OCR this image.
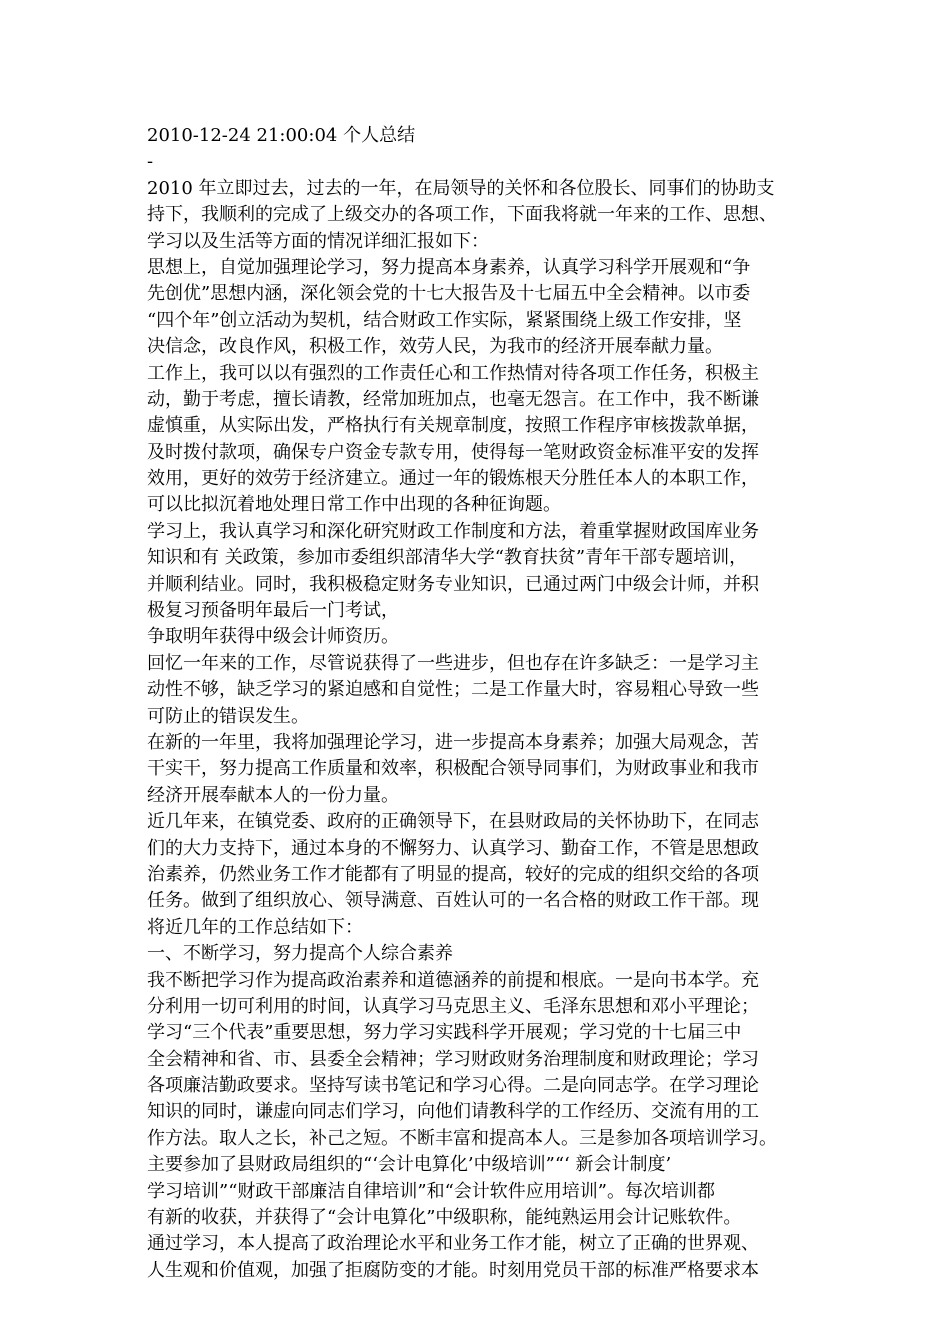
2010-12-24 21:00:04 个人总结
-
2010 年立即过去，过去的一年，在局领导的关怀和各位股长、同事们的协助支
持下，我顺利的完成了上级交办的各项工作，下面我将就一年来的工作、思想、
学习以及生活等方面的情况详细汇报如下：
思想上，自觉加强理论学习，努力提高本身素养，认真学习科学开展观和“争
先创优”思想内涵，深化领会党的十七大报告及十七届五中全会精神。以市委
“四个年”创立活动为契机，结合财政工作实际，紧紧围绕上级工作安排，坚
决信念，改良作风，积极工作，效劳人民，为我市的经济开展奉献力量。
工作上，我可以以有强烈的工作责任心和工作热情对待各项工作任务，积极主
动，勤于考虑，擅长请教，经常加班加点，也毫无怨言。在工作中，我不断谦
虚慎重，从实际出发，严格执行有关规章制度，按照工作程序审核拨款单据，
及时拨付款项，确保专户资金专款专用，使得每一笔财政资金标准平安的发挥
效用，更好的效劳于经济建立。通过一年的锻炼根天分胜任本人的本职工作，
可以比拟沉着地处理日常工作中出现的各种征询题。
学习上，我认真学习和深化研究财政工作制度和方法，着重掌握财政国库业务
知识和有 关政策，参加市委组织部清华大学“教育扶贫”青年干部专题培训，
并顺利结业。同时，我积极稳定财务专业知识，已通过两门中级会计师，并积
极复习预备明年最后一门考试，
争取明年获得中级会计师资历。
回忆一年来的工作，尽管说获得了一些进步，但也存在许多缺乏：一是学习主
动性不够，缺乏学习的紧迫感和自觉性；二是工作量大时，容易粗心导致一些
可防止的错误发生。
在新的一年里，我将加强理论学习，进一步提高本身素养；加强大局观念，苦
干实干，努力提高工作质量和效率，积极配合领导同事们，为财政事业和我市
经济开展奉献本人的一份力量。
近几年来，在镇党委、政府的正确领导下，在县财政局的关怀协助下，在同志
们的大力支持下，通过本身的不懈努力、认真学习、勤奋工作，不管是思想政
治素养，仍然业务工作才能都有了明显的提高，较好的完成的组织交给的各项
任务。做到了组织放心、领导满意、百姓认可的一名合格的财政工作干部。现
将近几年的工作总结如下：
一、不断学习，努力提高个人综合素养
我不断把学习作为提高政治素养和道德涵养的前提和根底。一是向书本学。充
分利用一切可利用的时间，认真学习马克思主义、毛泽东思想和邓小平理论；
学习“三个代表”重要思想，努力学习实践科学开展观；学习党的十七届三中
全会精神和省、市、县委全会精神；学习财政财务治理制度和财政理论；学习
各项廉洁勤政要求。坚持写读书笔记和学习心得。二是向同志学。在学习理论
知识的同时，谦虚向同志们学习，向他们请教科学的工作经历、交流有用的工
作方法。取人之长，补己之短。不断丰富和提高本人。三是参加各项培训学习。
主要参加了县财政局组织的“‘会计电算化’中级培训”“‘ 新会计制度’
学习培训”“财政干部廉洁自律培训”和“会计软件应用培训”。每次培训都
有新的收获，并获得了“会计电算化”中级职称，能纯熟运用会计记账软件。
通过学习，本人提高了政治理论水平和业务工作才能，树立了正确的世界观、
人生观和价值观，加强了拒腐防变的才能。时刻用党员干部的标准严格要求本
